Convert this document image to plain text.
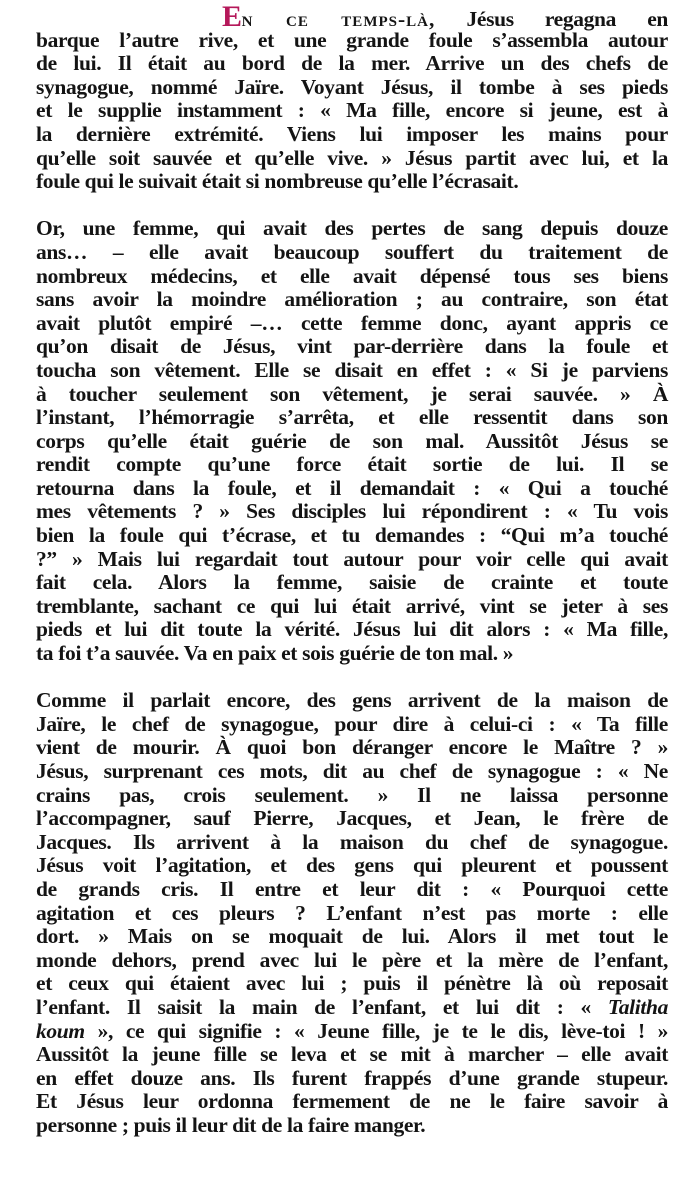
En ce temps-là, Jésus regagna en
barque l’autre rive, et une grande foule s’assembla autour
de lui. Il était au bord de la mer. Arrive un des chefs de
synagogue, nommé Jaïre. Voyant Jésus, il tombe à ses pieds
et le supplie instamment : « Ma fille, encore si jeune, est à
la dernière extrémité. Viens lui imposer les mains pour
qu’elle soit sauvée et qu’elle vive. » Jésus partit avec lui, et la
foule qui le suivait était si nombreuse qu’elle l’écrasait.
Or, une femme, qui avait des pertes de sang depuis douze
ans… – elle avait beaucoup souffert du traitement de
nombreux médecins, et elle avait dépensé tous ses biens
sans avoir la moindre amélioration ; au contraire, son état
avait plutôt empiré –… cette femme donc, ayant appris ce
qu’on disait de Jésus, vint par-derrière dans la foule et
toucha son vêtement. Elle se disait en effet : « Si je parviens
à toucher seulement son vêtement, je serai sauvée. » À
l’instant, l’hémorragie s’arrêta, et elle ressentit dans son
corps qu’elle était guérie de son mal. Aussitôt Jésus se
rendit compte qu’une force était sortie de lui. Il se
retourna dans la foule, et il demandait : « Qui a touché
mes vêtements ? » Ses disciples lui répondirent : « Tu vois
bien la foule qui t’écrase, et tu demandes : “Qui m’a touché
?” » Mais lui regardait tout autour pour voir celle qui avait
fait cela. Alors la femme, saisie de crainte et toute
tremblante, sachant ce qui lui était arrivé, vint se jeter à ses
pieds et lui dit toute la vérité. Jésus lui dit alors : « Ma fille,
ta foi t’a sauvée. Va en paix et sois guérie de ton mal. »
Comme il parlait encore, des gens arrivent de la maison de
Jaïre, le chef de synagogue, pour dire à celui-ci : « Ta fille
vient de mourir. À quoi bon déranger encore le Maître ? »
Jésus, surprenant ces mots, dit au chef de synagogue : « Ne
crains pas, crois seulement. » Il ne laissa personne
l’accompagner, sauf Pierre, Jacques, et Jean, le frère de
Jacques. Ils arrivent à la maison du chef de synagogue.
Jésus voit l’agitation, et des gens qui pleurent et poussent
de grands cris. Il entre et leur dit : « Pourquoi cette
agitation et ces pleurs ? L’enfant n’est pas morte : elle
dort. » Mais on se moquait de lui. Alors il met tout le
monde dehors, prend avec lui le père et la mère de l’enfant,
et ceux qui étaient avec lui ; puis il pénètre là où reposait
l’enfant. Il saisit la main de l’enfant, et lui dit : « Talitha
koum », ce qui signifie : « Jeune fille, je te le dis, lève-toi ! »
Aussitôt la jeune fille se leva et se mit à marcher – elle avait
en effet douze ans. Ils furent frappés d’une grande stupeur.
Et Jésus leur ordonna fermement de ne le faire savoir à
personne ; puis il leur dit de la faire manger.
